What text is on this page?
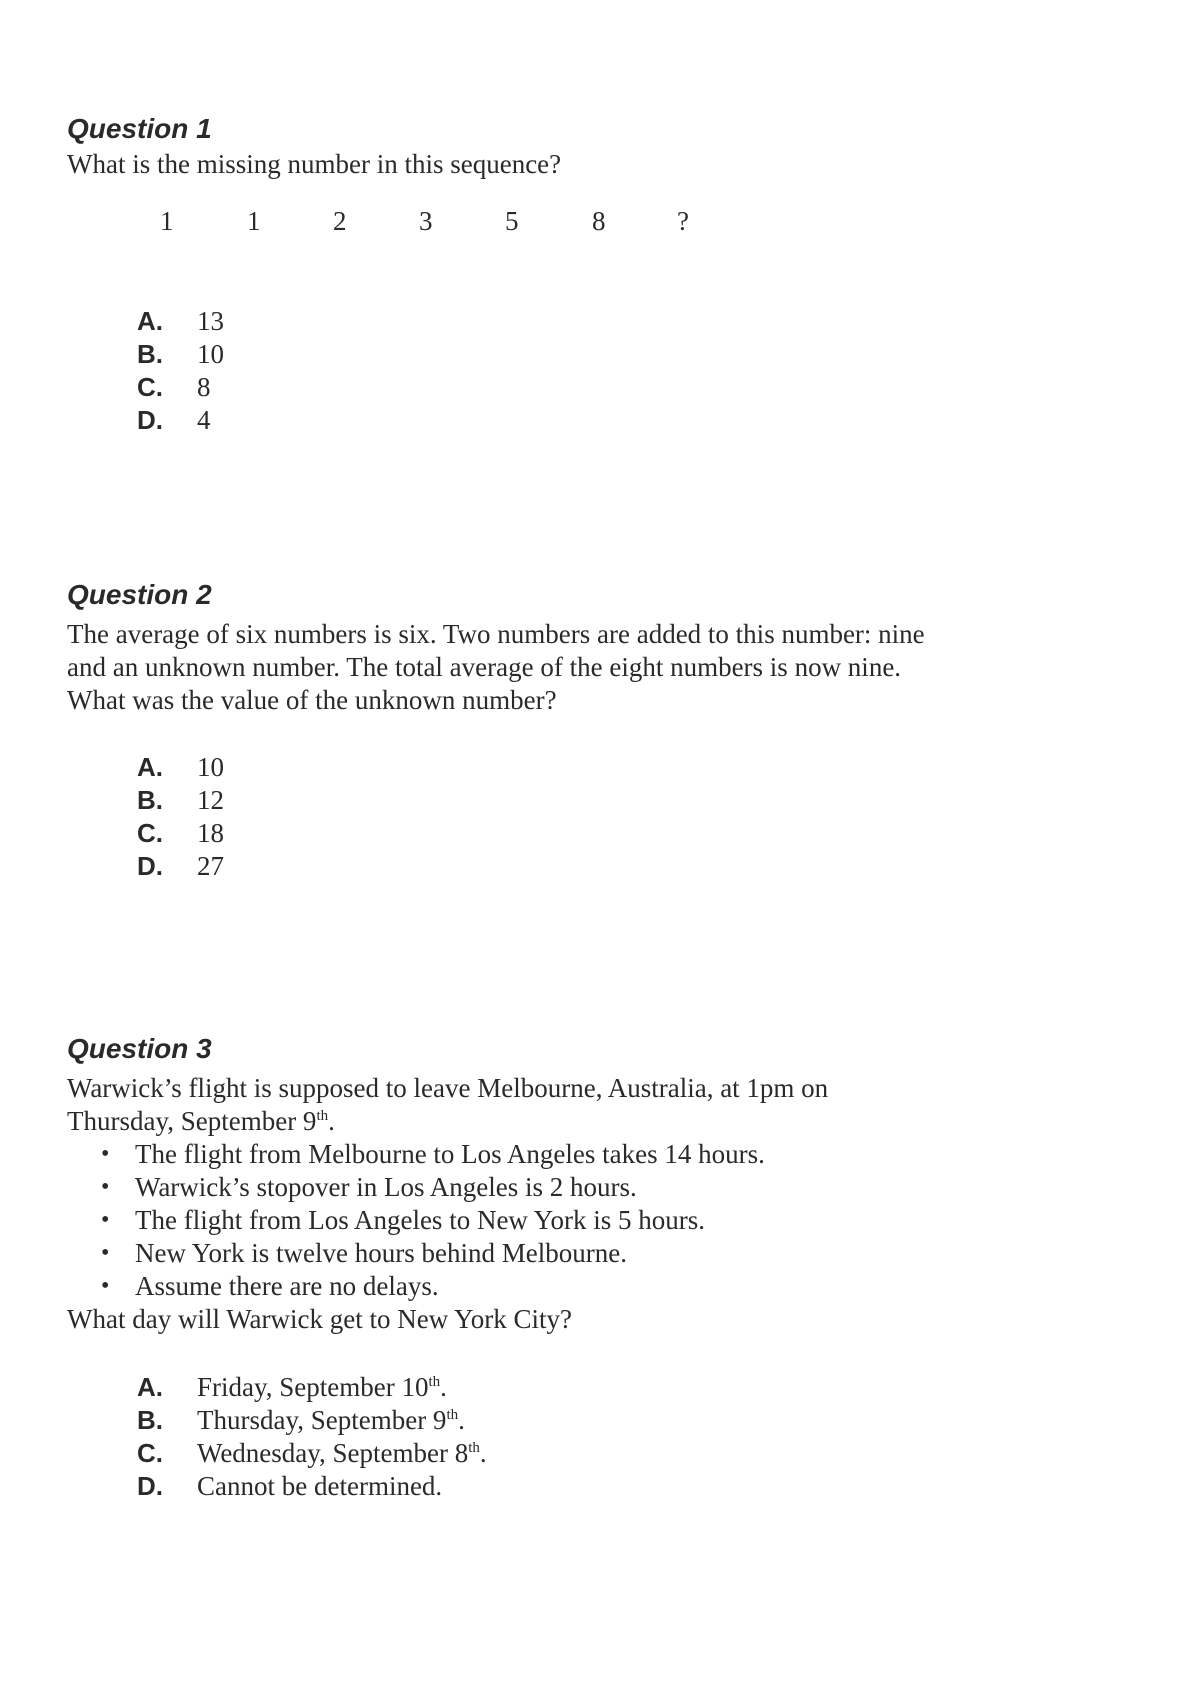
Question 1

What is the missing number in this sequence?

1	1	2	3	5	8	?
A.	13
B.	10
C.	8
D.	4

Question 2

The average of six numbers is six. Two numbers are added to this number: nine

and an unknown number. The total average of the eight numbers is now nine.

What was the value of the unknown number?

A.	10
B.	12
C.	18
D.	27

Question 3

Warwick’s flight is supposed to leave Melbourne, Australia, at 1pm on

Thursday, September 9th.

• The flight from Melbourne to Los Angeles takes 14 hours.
• Warwick’s stopover in Los Angeles is 2 hours.
• The flight from Los Angeles to New York is 5 hours.
• New York is twelve hours behind Melbourne.
• Assume there are no delays.

What day will Warwick get to New York City?

A.	Friday, September 10th.
B.	Thursday, September 9th.
C.	Wednesday, September 8th.
D.	Cannot be determined.
